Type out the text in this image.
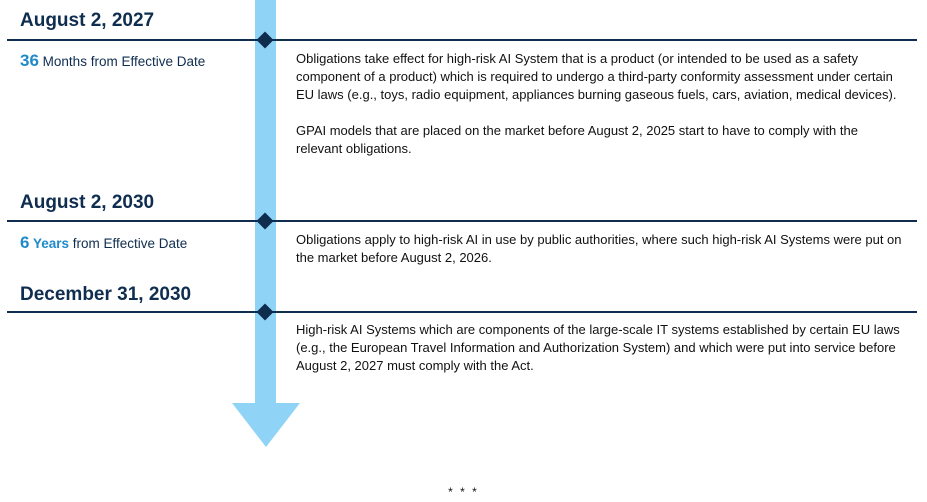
August 2, 2027
36 Months from Effective Date	Obligations take effect for high-risk AI System that is a product (or intended to be used as a safety component of a product) which is required to undergo a third-party conformity assessment under certain EU laws (e.g., toys, radio equipment, appliances burning gaseous fuels, cars, aviation, medical devices).

GPAI models that are placed on the market before August 2, 2025 start to have to comply with the relevant obligations.

August 2, 2030
6 Years from Effective Date	Obligations apply to high-risk AI in use by public authorities, where such high-risk AI Systems were put on the market before August 2, 2026.

December 31, 2030

High-risk AI Systems which are components of the large-scale IT systems established by certain EU laws (e.g., the European Travel Information and Authorization System) and which were put into service before August 2, 2027 must comply with the Act.

* * *
